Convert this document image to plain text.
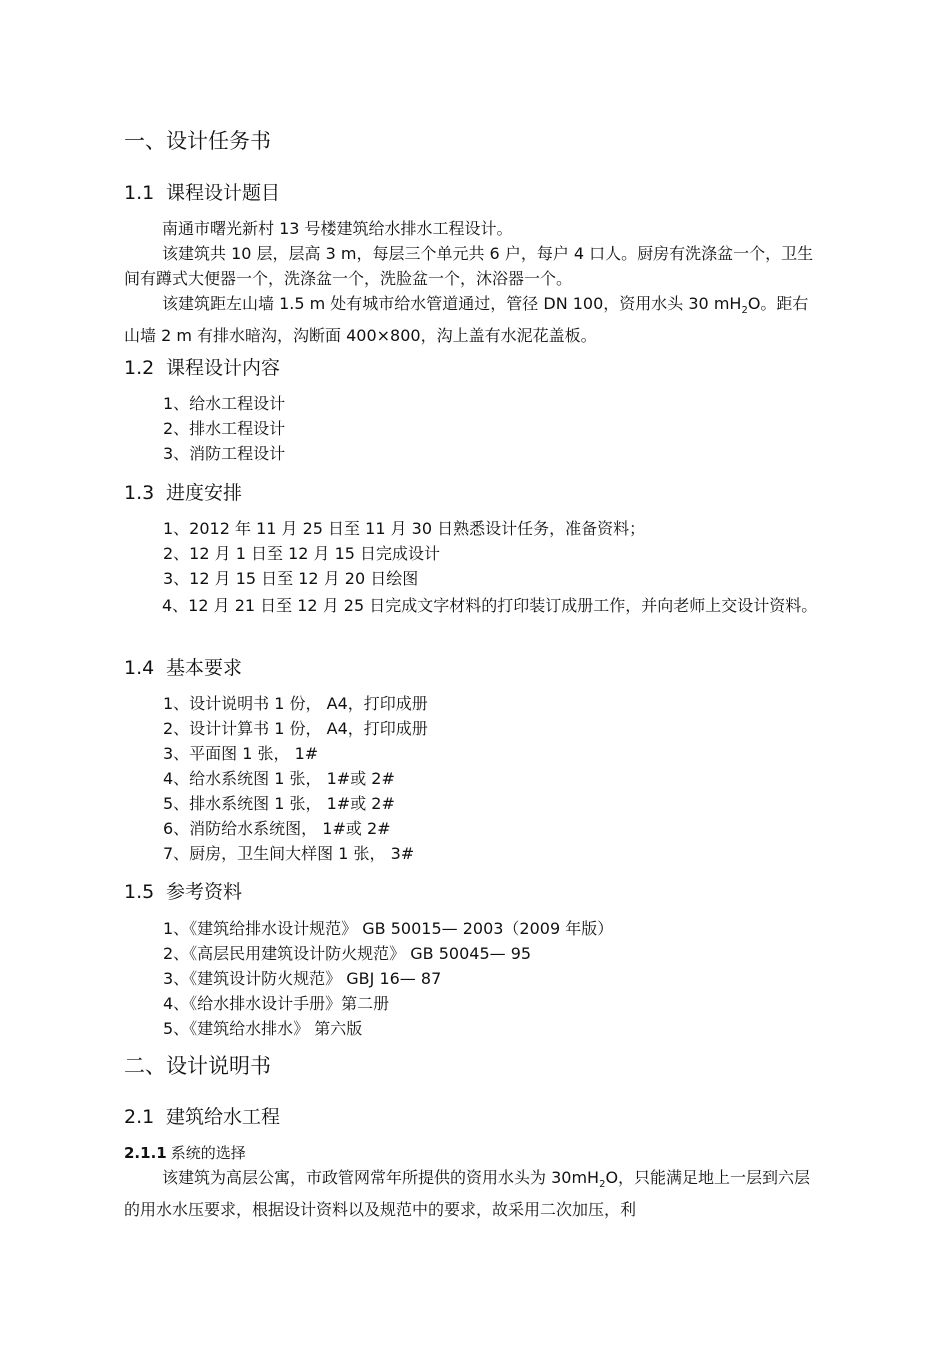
一、设计任务书
1.1 课程设计题目

南通市曙光新村 13 号楼建筑给水排水工程设计。

该建筑共 10 层，层高 3 m，每层三个单元共 6 户，每户 4 口人。厨房有洗涤盆一个，卫生间有蹲式大便器一个，洗涤盆一个，洗脸盆一个，沐浴器一个。

该建筑距左山墙 1.5 m 处有城市给水管道通过，管径 DN 100，资用水头 30 $mH_2O$。距右山墙 2 m 有排水暗沟，沟断面 400×800，沟上盖有水泥花盖板。

1.2 课程设计内容

1、给水工程设计

2、排水工程设计

3、消防工程设计

1.3 进度安排

1、2012 年 11 月 25 日至 11 月 30 日熟悉设计任务，准备资料；

2、12 月 1 日至 12 月 15 日完成设计

3、12 月 15 日至 12 月 20 日绘图

4、12 月 21 日至 12 月 25 日完成文字材料的打印装订成册工作，并向老师上交设计资料。

1.4 基本要求

1、设计说明书 1 份， A4，打印成册

2、设计计算书 1 份， A4，打印成册

3、平面图 1 张， 1#

4、给水系统图 1 张， 1#或 2#

5、排水系统图 1 张， 1#或 2#

6、消防给水系统图， 1#或 2#

7、厨房，卫生间大样图 1 张， 3#

1.5 参考资料

1、《建筑给排水设计规范》 GB 50015— 2003（2009 年版）

2、《高层民用建筑设计防火规范》 GB 50045— 95

3、《建筑设计防火规范》 GBJ 16— 87

4、《给水排水设计手册》第二册

5、《建筑给水排水》 第六版

二、设计说明书
2.1 建筑给水工程

2.1.1 系统的选择

该建筑为高层公寓，市政管网常年所提供的资用水头为 $30mH_2O$，只能满足地上一层到六层的用水水压要求，根据设计资料以及规范中的要求，故采用二次加压，利
